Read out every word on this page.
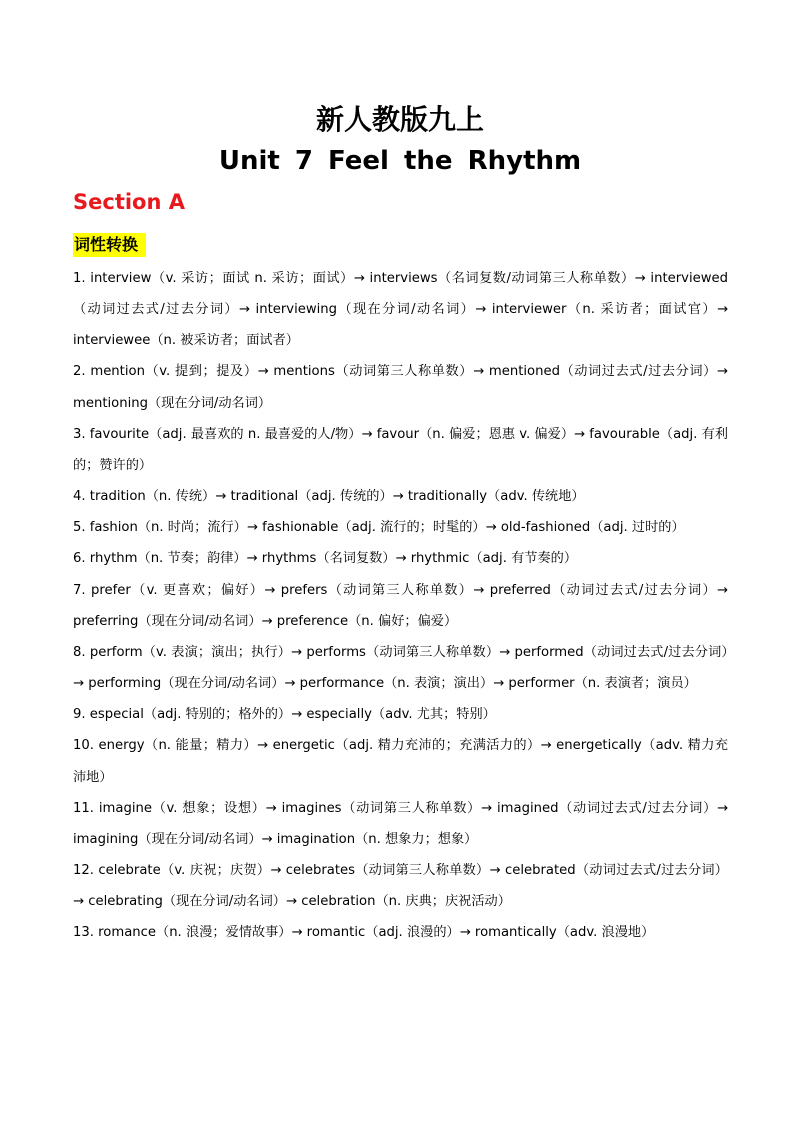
新人教版九上
Unit 7 Feel the Rhythm
Section A
词性转换
1. interview（v. 采访；面试 n. 采访；面试）→ interviews（名词复数/动词第三人称单数）→ interviewed（动词过去式/过去分词）→ interviewing（现在分词/动名词）→ interviewer（n. 采访者；面试官）→ interviewee（n. 被采访者；面试者）
2. mention（v. 提到；提及）→ mentions（动词第三人称单数）→ mentioned（动词过去式/过去分词）→ mentioning（现在分词/动名词）
3. favourite（adj. 最喜欢的 n. 最喜爱的人/物）→ favour（n. 偏爱；恩惠 v. 偏爱）→ favourable（adj. 有利的；赞许的）
4. tradition（n. 传统）→ traditional（adj. 传统的）→ traditionally（adv. 传统地）
5. fashion（n. 时尚；流行）→ fashionable（adj. 流行的；时髦的）→ old-fashioned（adj. 过时的）
6. rhythm（n. 节奏；韵律）→ rhythms（名词复数）→ rhythmic（adj. 有节奏的）
7. prefer（v. 更喜欢；偏好）→ prefers（动词第三人称单数）→ preferred（动词过去式/过去分词）→ preferring（现在分词/动名词）→ preference（n. 偏好；偏爱）
8. perform（v. 表演；演出；执行）→ performs（动词第三人称单数）→ performed（动词过去式/过去分词）→ performing（现在分词/动名词）→ performance（n. 表演；演出）→ performer（n. 表演者；演员）
9. especial（adj. 特别的；格外的）→ especially（adv. 尤其；特别）
10. energy（n. 能量；精力）→ energetic（adj. 精力充沛的；充满活力的）→ energetically（adv. 精力充沛地）
11. imagine（v. 想象；设想）→ imagines（动词第三人称单数）→ imagined（动词过去式/过去分词）→ imagining（现在分词/动名词）→ imagination（n. 想象力；想象）
12. celebrate（v. 庆祝；庆贺）→ celebrates（动词第三人称单数）→ celebrated（动词过去式/过去分词）→ celebrating（现在分词/动名词）→ celebration（n. 庆典；庆祝活动）
13. romance（n. 浪漫；爱情故事）→ romantic（adj. 浪漫的）→ romantically（adv. 浪漫地）
